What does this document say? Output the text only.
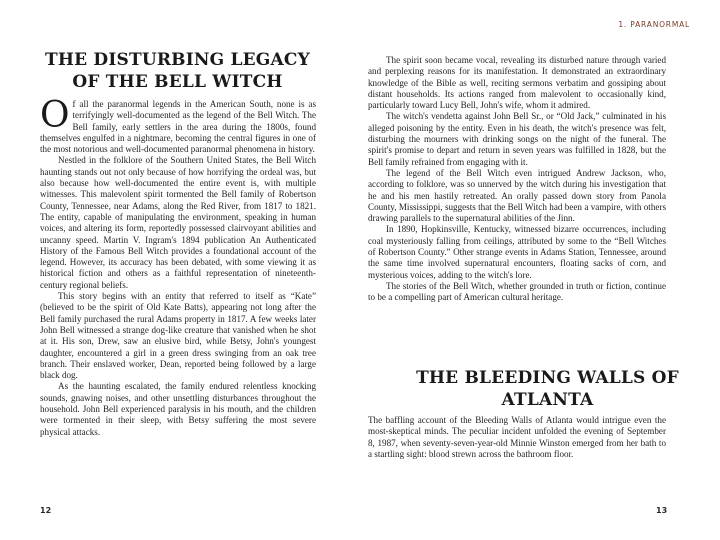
THE DISTURBING LEGACY OF THE BELL WITCH

Of all the paranormal legends in the American South, none is as terrifyingly well-documented as the legend of the Bell Witch. The Bell family, early settlers in the area during the 1800s, found themselves engulfed in a nightmare, becoming the central figures in one of the most notorious and well-documented paranormal phenomena in history.

Nestled in the folklore of the Southern United States, the Bell Witch haunting stands out not only because of how horrifying the ordeal was, but also because how well-documented the entire event is, with multiple witnesses. This malevolent spirit tormented the Bell family of Robertson County, Tennessee, near Adams, along the Red River, from 1817 to 1821. The entity, capable of manipulating the environment, speaking in human voices, and altering its form, reportedly possessed clairvoyant abilities and uncanny speed. Martin V. Ingram's 1894 publication An Authenticated History of the Famous Bell Witch provides a foundational account of the legend. However, its accuracy has been debated, with some viewing it as historical fiction and others as a faithful representation of nineteenth-century regional beliefs.

This story begins with an entity that referred to itself as “Kate” (believed to be the spirit of Old Kate Batts), appearing not long after the Bell family purchased the rural Adams property in 1817. A few weeks later John Bell witnessed a strange dog-like creature that vanished when he shot at it. His son, Drew, saw an elusive bird, while Betsy, John's youngest daughter, encountered a girl in a green dress swinging from an oak tree branch. Their enslaved worker, Dean, reported being followed by a large black dog.

As the haunting escalated, the family endured relentless knocking sounds, gnawing noises, and other unsettling disturbances throughout the household. John Bell experienced paralysis in his mouth, and the children were tormented in their sleep, with Betsy suffering the most severe physical attacks.

12
1. PARANORMAL

The spirit soon became vocal, revealing its disturbed nature through varied and perplexing reasons for its manifestation. It demonstrated an extraordinary knowledge of the Bible as well, reciting sermons verbatim and gossiping about distant households. Its actions ranged from malevolent to occasionally kind, particularly toward Lucy Bell, John's wife, whom it admired.

The witch's vendetta against John Bell Sr., or “Old Jack,” culminated in his alleged poisoning by the entity. Even in his death, the witch's presence was felt, disturbing the mourners with drinking songs on the night of the funeral. The spirit's promise to depart and return in seven years was fulfilled in 1828, but the Bell family refrained from engaging with it.

The legend of the Bell Witch even intrigued Andrew Jackson, who, according to folklore, was so unnerved by the witch during his investigation that he and his men hastily retreated. An orally passed down story from Panola County, Mississippi, suggests that the Bell Witch had been a vampire, with others drawing parallels to the supernatural abilities of the Jinn.

In 1890, Hopkinsville, Kentucky, witnessed bizarre occurrences, including coal mysteriously falling from ceilings, attributed by some to the “Bell Witches of Robertson County.” Other strange events in Adams Station, Tennessee, around the same time involved supernatural encounters, floating sacks of corn, and mysterious voices, adding to the witch's lore.

The stories of the Bell Witch, whether grounded in truth or fiction, continue to be a compelling part of American cultural heritage.

THE BLEEDING WALLS OF ATLANTA

The baffling account of the Bleeding Walls of Atlanta would intrigue even the most-skeptical minds. The peculiar incident unfolded the evening of September 8, 1987, when seventy-seven-year-old Minnie Winston emerged from her bath to a startling sight: blood strewn across the bathroom floor.

13
